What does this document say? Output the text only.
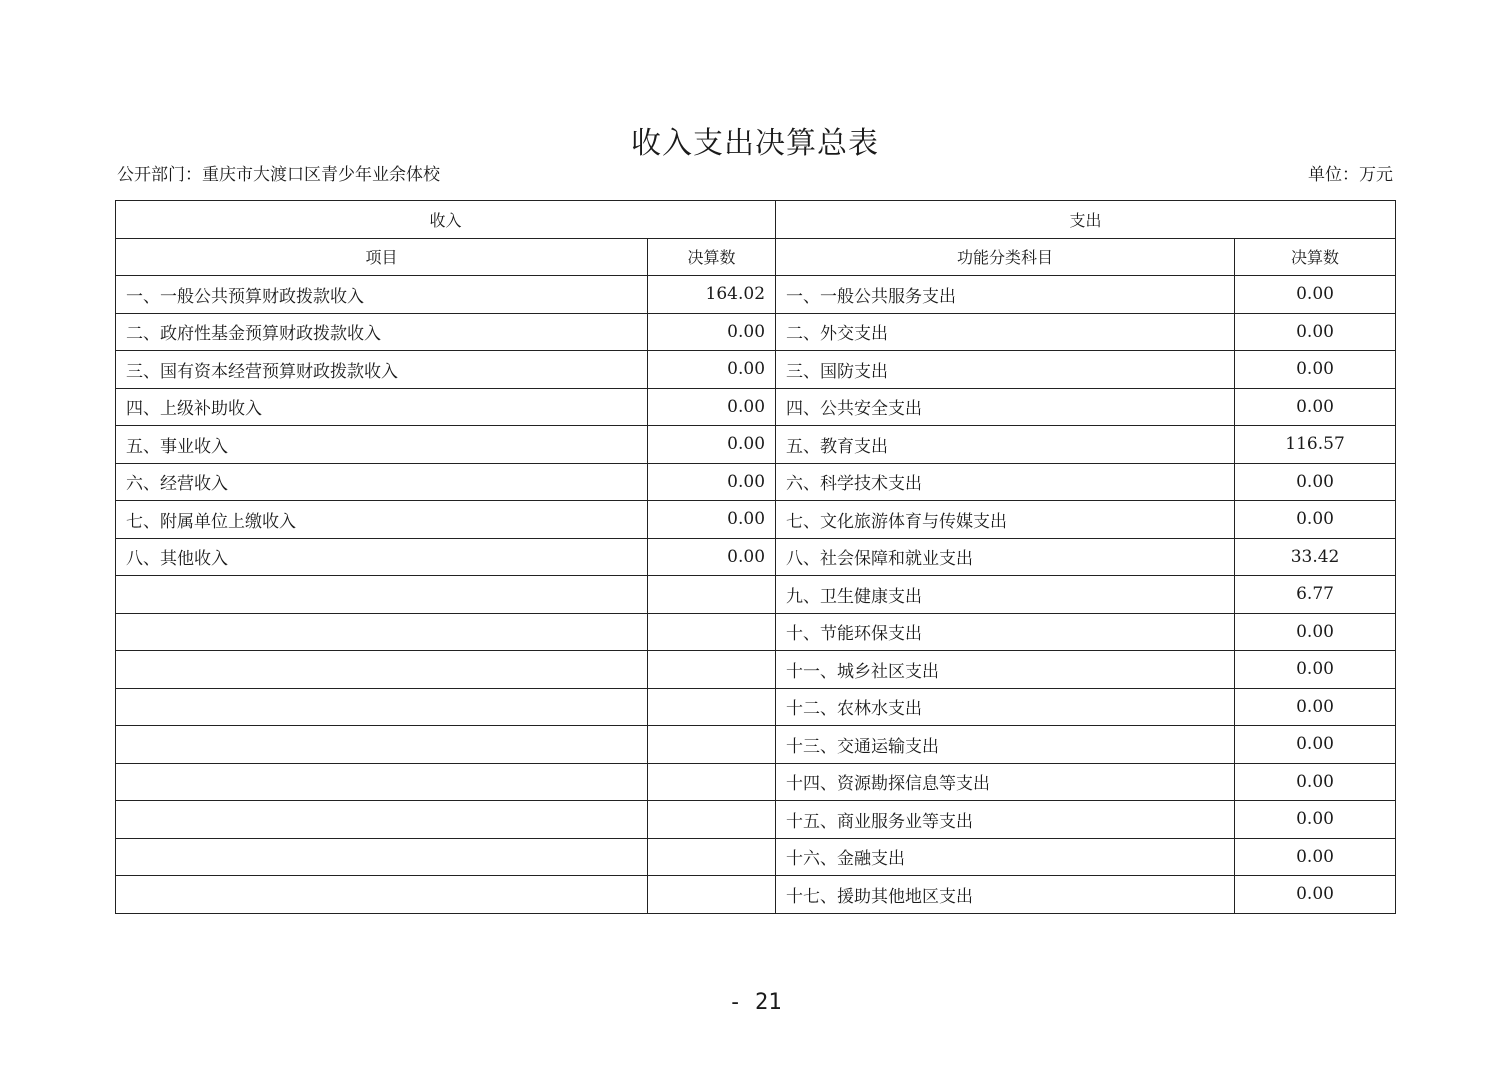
收入支出决算总表
公开部门：重庆市大渡口区青少年业余体校	单位：万元
收入		支出	
项目	决算数	功能分类科目	决算数
一、一般公共预算财政拨款收入	164.02	一、一般公共服务支出	0.00
二、政府性基金预算财政拨款收入	0.00	二、外交支出	0.00
三、国有资本经营预算财政拨款收入	0.00	三、国防支出	0.00
四、上级补助收入	0.00	四、公共安全支出	0.00
五、事业收入	0.00	五、教育支出	116.57
六、经营收入	0.00	六、科学技术支出	0.00
七、附属单位上缴收入	0.00	七、文化旅游体育与传媒支出	0.00
八、其他收入	0.00	八、社会保障和就业支出	33.42
		九、卫生健康支出	6.77
		十、节能环保支出	0.00
		十一、城乡社区支出	0.00
		十二、农林水支出	0.00
		十三、交通运输支出	0.00
		十四、资源勘探信息等支出	0.00
		十五、商业服务业等支出	0.00
		十六、金融支出	0.00
		十七、援助其他地区支出	0.00
- 21
